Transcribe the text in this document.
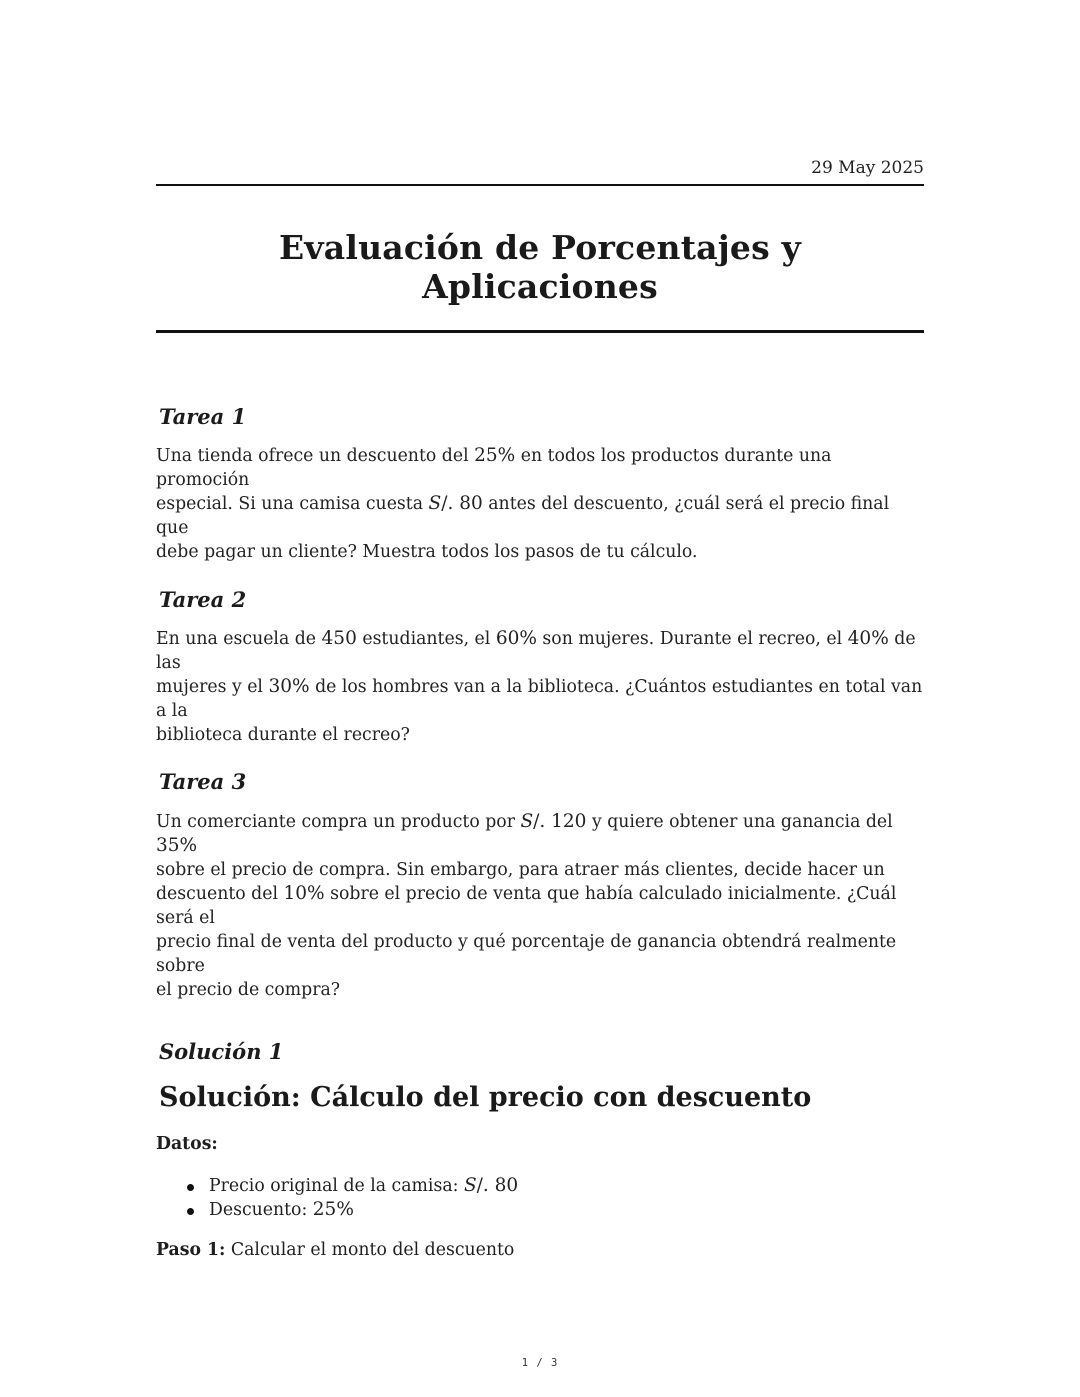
29 May 2025
Evaluación de Porcentajes y Aplicaciones
Tarea 1

Una tienda ofrece un descuento del 25% en todos los productos durante una promoción
especial. Si una camisa cuesta S/. 80 antes del descuento, ¿cuál será el precio final que
debe pagar un cliente? Muestra todos los pasos de tu cálculo.

Tarea 2

En una escuela de 450 estudiantes, el 60% son mujeres. Durante el recreo, el 40% de las
mujeres y el 30% de los hombres van a la biblioteca. ¿Cuántos estudiantes en total van a la
biblioteca durante el recreo?

Tarea 3

Un comerciante compra un producto por S/. 120 y quiere obtener una ganancia del 35%
sobre el precio de compra. Sin embargo, para atraer más clientes, decide hacer un
descuento del 10% sobre el precio de venta que había calculado inicialmente. ¿Cuál será el
precio final de venta del producto y qué porcentaje de ganancia obtendrá realmente sobre
el precio de compra?

Solución 1
Solución: Cálculo del precio con descuento

Datos:

Precio original de la camisa: S/. 80
Descuento: 25%

Paso 1: Calcular el monto del descuento

1 / 3
